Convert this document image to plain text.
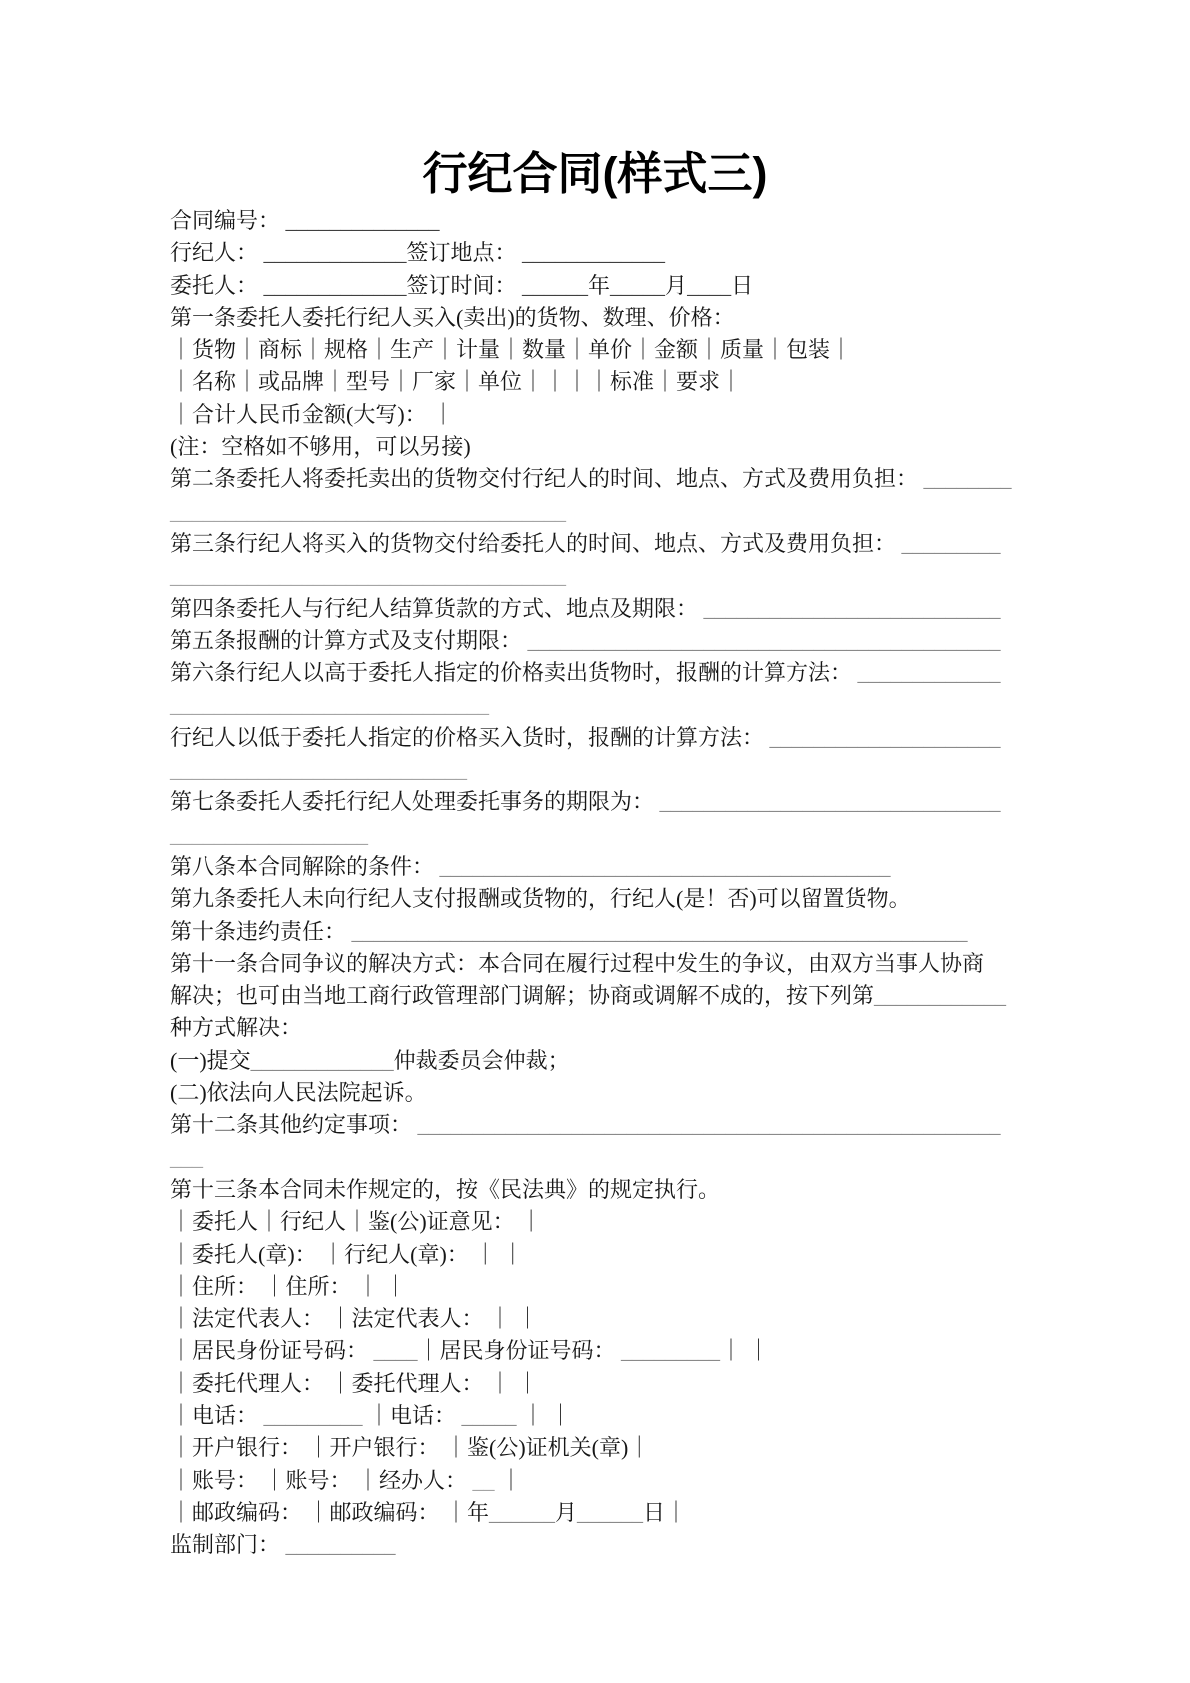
行纪合同(样式三)
合同编号： ______________
行纪人： _____________签订地点： _____________
委托人： _____________签订时间： ______年_____月____日
第一条委托人委托行纪人买入(卖出)的货物、数理、价格：
｜货物｜商标｜规格｜生产｜计量｜数量｜单价｜金额｜质量｜包装｜
｜名称｜或品牌｜型号｜厂家｜单位｜｜｜｜标准｜要求｜
｜合计人民币金额(大写)： ｜
(注：空格如不够用，可以另接)
第二条委托人将委托卖出的货物交付行纪人的时间、地点、方式及费用负担： ________
____________________________________
第三条行纪人将买入的货物交付给委托人的时间、地点、方式及费用负担： _________
____________________________________
第四条委托人与行纪人结算货款的方式、地点及期限： ___________________________
第五条报酬的计算方式及支付期限： ___________________________________________
第六条行纪人以高于委托人指定的价格卖出货物时，报酬的计算方法： _____________
_____________________________
行纪人以低于委托人指定的价格买入货时，报酬的计算方法： _____________________
___________________________
第七条委托人委托行纪人处理委托事务的期限为： _______________________________
__________________
第八条本合同解除的条件： _________________________________________
第九条委托人未向行纪人支付报酬或货物的，行纪人(是！否)可以留置货物。
第十条违约责任： ________________________________________________________
第十一条合同争议的解决方式：本合同在履行过程中发生的争议，由双方当事人协商
解决；也可由当地工商行政管理部门调解；协商或调解不成的，按下列第____________
种方式解决：
(一)提交_____________仲裁委员会仲裁；
(二)依法向人民法院起诉。
第十二条其他约定事项： _____________________________________________________
___
第十三条本合同未作规定的，按《民法典》的规定执行。
｜委托人｜行纪人｜鉴(公)证意见： ｜
｜委托人(章)： ｜行纪人(章)： ｜ ｜
｜住所： ｜住所： ｜ ｜
｜法定代表人： ｜法定代表人： ｜ ｜
｜居民身份证号码： ____｜居民身份证号码： _________｜ ｜
｜委托代理人： ｜委托代理人： ｜ ｜
｜电话： _________ ｜电话： _____ ｜ ｜
｜开户银行： ｜开户银行： ｜鉴(公)证机关(章)｜
｜账号： ｜账号： ｜经办人： __ ｜
｜邮政编码： ｜邮政编码： ｜年______月______日｜
监制部门： __________
